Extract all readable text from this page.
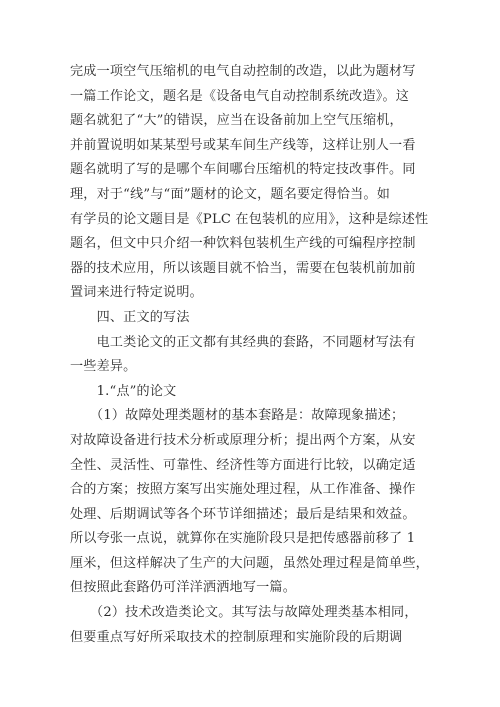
完成一项空气压缩机的电气自动控制的改造，以此为题材写
一篇工作论文，题名是《设备电气自动控制系统改造》。这
题名就犯了“大”的错误，应当在设备前加上空气压缩机，
并前置说明如某某型号或某车间生产线等，这样让别人一看
题名就明了写的是哪个车间哪台压缩机的特定技改事件。同
理，对于“线”与“面”题材的论文，题名要定得恰当。如
有学员的论文题目是《PLC 在包装机的应用》，这种是综述性
题名，但文中只介绍一种饮料包装机生产线的可编程序控制
器的技术应用，所以该题目就不恰当，需要在包装机前加前
置词来进行特定说明。
　　四、正文的写法
　　电工类论文的正文都有其经典的套路，不同题材写法有
一些差异。
　　1.“点”的论文
　　（1）故障处理类题材的基本套路是：故障现象描述；
对故障设备进行技术分析或原理分析；提出两个方案，从安
全性、灵活性、可靠性、经济性等方面进行比较，以确定适
合的方案；按照方案写出实施处理过程，从工作准备、操作
处理、后期调试等各个环节详细描述；最后是结果和效益。
所以夸张一点说，就算你在实施阶段只是把传感器前移了 1
厘米，但这样解决了生产的大问题，虽然处理过程是简单些，
但按照此套路仍可洋洋洒洒地写一篇。
　　（2）技术改造类论文。其写法与故障处理类基本相同，
但要重点写好所采取技术的控制原理和实施阶段的后期调
